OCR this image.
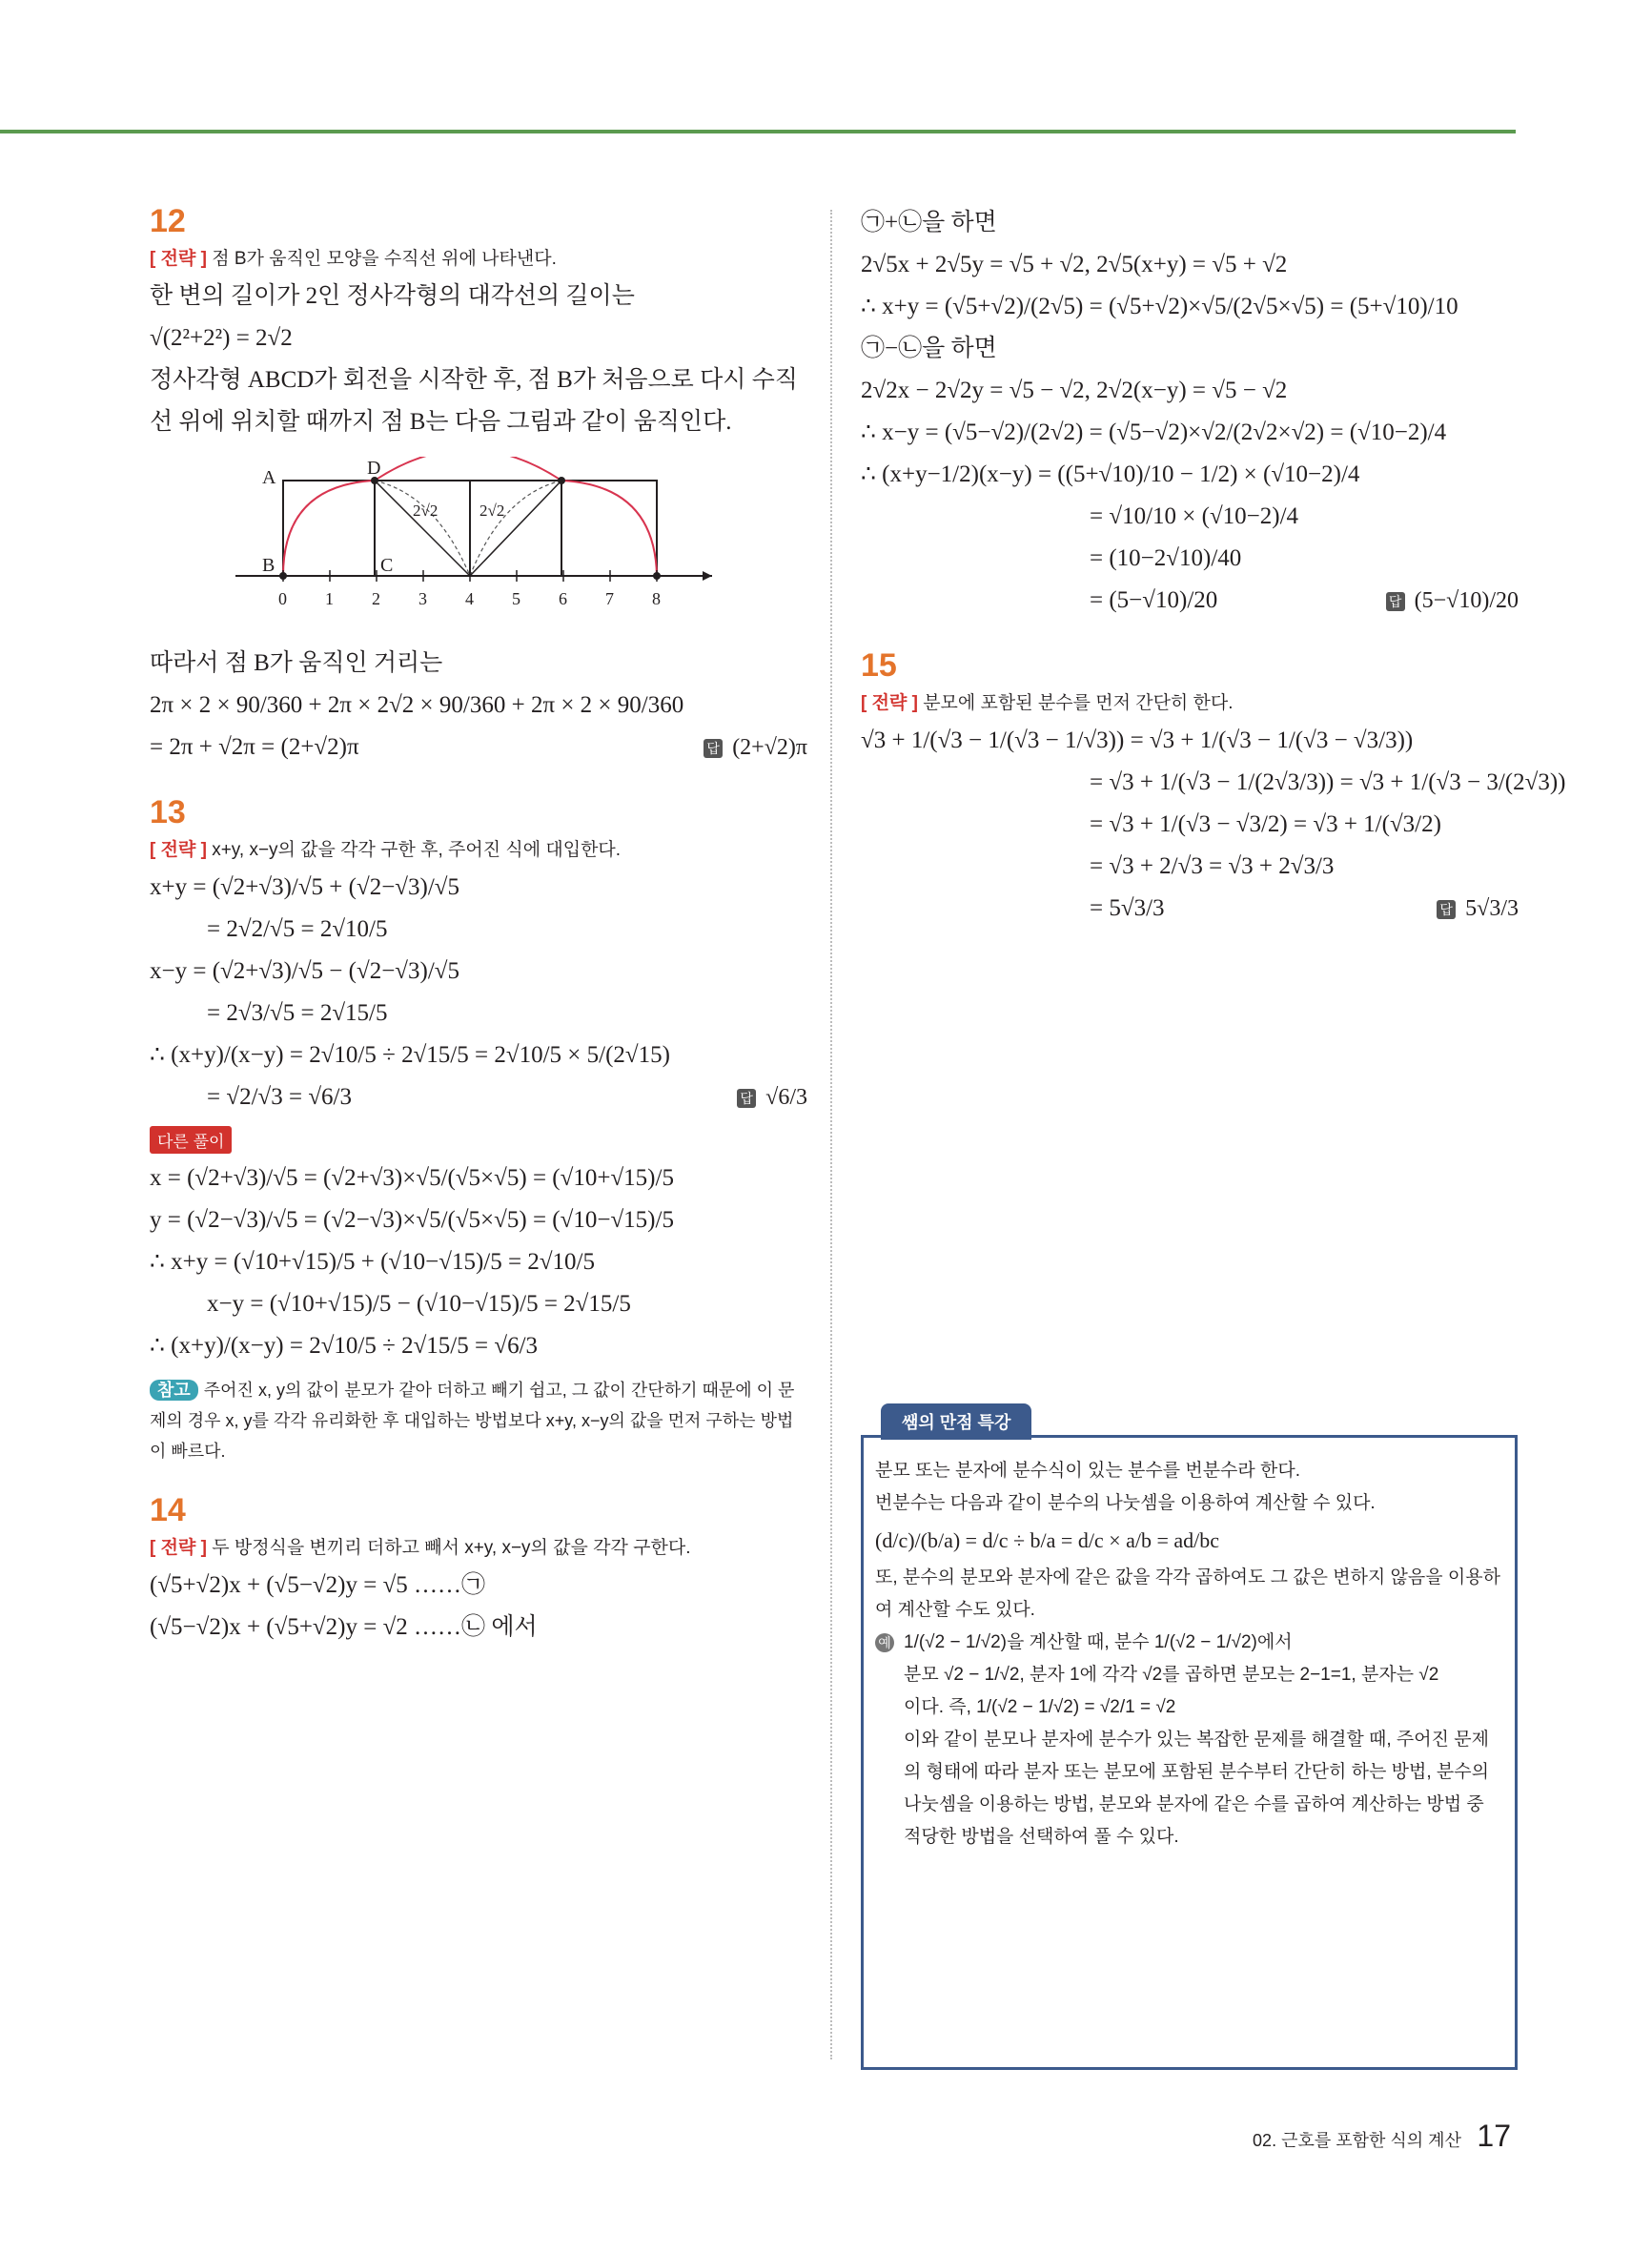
12
[ 전략 ] 점 B가 움직인 모양을 수직선 위에 나타낸다.
한 변의 길이가 2인 정사각형의 대각선의 길이는
√(2²+2²) = 2√2
정사각형 ABCD가 회전을 시작한 후, 점 B가 처음으로 다시 수직
선 위에 위치할 때까지 점 B는 다음 그림과 같이 움직인다.
A	D
B	C
2√2	2√2
0 1 2 3 4 5 6 7 8
따라서 점 B가 움직인 거리는
2π × 2 × 90/360 + 2π × 2√2 × 90/360 + 2π × 2 × 90/360
= 2π + √2π = (2+√2)π	답 (2+√2)π
13
[ 전략 ] x+y, x−y의 값을 각각 구한 후, 주어진 식에 대입한다.
x+y = (√2+√3)/√5 + (√2−√3)/√5
= 2√2/√5 = 2√10/5
x−y = (√2+√3)/√5 − (√2−√3)/√5
= 2√3/√5 = 2√15/5
∴ (x+y)/(x−y) = 2√10/5 ÷ 2√15/5 = 2√10/5 × 5/(2√15)
= √2/√3 = √6/3	답 √6/3
다른 풀이
x = (√2+√3)/√5 = (√2+√3)×√5/(√5×√5) = (√10+√15)/5
y = (√2−√3)/√5 = (√2−√3)×√5/(√5×√5) = (√10−√15)/5
∴ x+y = (√10+√15)/5 + (√10−√15)/5 = 2√10/5
x−y = (√10+√15)/5 − (√10−√15)/5 = 2√15/5
∴ (x+y)/(x−y) = 2√10/5 ÷ 2√15/5 = √6/3
참고 주어진 x, y의 값이 분모가 같아 더하고 빼기 쉽고, 그 값이 간단하기 때문에 이 문제의 경우 x, y를 각각 유리화한 후 대입하는 방법보다 x+y, x−y의 값을 먼저 구하는 방법이 빠르다.
14
[ 전략 ] 두 방정식을 변끼리 더하고 빼서 x+y, x−y의 값을 각각 구한다.
(√5+√2)x + (√5−√2)y = √5 ……㉠
(√5−√2)x + (√5+√2)y = √2 ……㉡ 에서
㉠+㉡을 하면
2√5x + 2√5y = √5 + √2, 2√5(x+y) = √5 + √2
∴ x+y = (√5+√2)/(2√5) = (√5+√2)×√5/(2√5×√5) = (5+√10)/10
㉠−㉡을 하면
2√2x − 2√2y = √5 − √2, 2√2(x−y) = √5 − √2
∴ x−y = (√5−√2)/(2√2) = (√5−√2)×√2/(2√2×√2) = (√10−2)/4
∴ (x+y−1/2)(x−y) = ((5+√10)/10 − 1/2) × (√10−2)/4
= √10/10 × (√10−2)/4
= (10−2√10)/40
= (5−√10)/20	답 (5−√10)/20
15
[ 전략 ] 분모에 포함된 분수를 먼저 간단히 한다.
√3 + 1/(√3 − 1/(√3 − 1/√3)) = √3 + 1/(√3 − 1/(√3 − √3/3))
= √3 + 1/(√3 − 1/(2√3/3)) = √3 + 1/(√3 − 3/(2√3))
= √3 + 1/(√3 − √3/2) = √3 + 1/(√3/2)
= √3 + 2/√3 = √3 + 2√3/3
= 5√3/3	답 5√3/3
쌤의 만점 특강
분모 또는 분자에 분수식이 있는 분수를 번분수라 한다.
번분수는 다음과 같이 분수의 나눗셈을 이용하여 계산할 수 있다.
(d/c)/(b/a) = d/c ÷ b/a = d/c × a/b = ad/bc
또, 분수의 분모와 분자에 같은 값을 각각 곱하여도 그 값은 변하지 않음을 이용하여 계산할 수도 있다.
예 1/(√2 − 1/√2)을 계산할 때, 분수 1/(√2 − 1/√2)에서
분모 √2 − 1/√2, 분자 1에 각각 √2를 곱하면 분모는 2−1=1, 분자는 √2
이다. 즉, 1/(√2 − 1/√2) = √2/1 = √2
이와 같이 분모나 분자에 분수가 있는 복잡한 문제를 해결할 때, 주어진 문제의 형태에 따라 분자 또는 분모에 포함된 분수부터 간단히 하는 방법, 분수의 나눗셈을 이용하는 방법, 분모와 분자에 같은 수를 곱하여 계산하는 방법 중 적당한 방법을 선택하여 풀 수 있다.
02. 근호를 포함한 식의 계산 17
